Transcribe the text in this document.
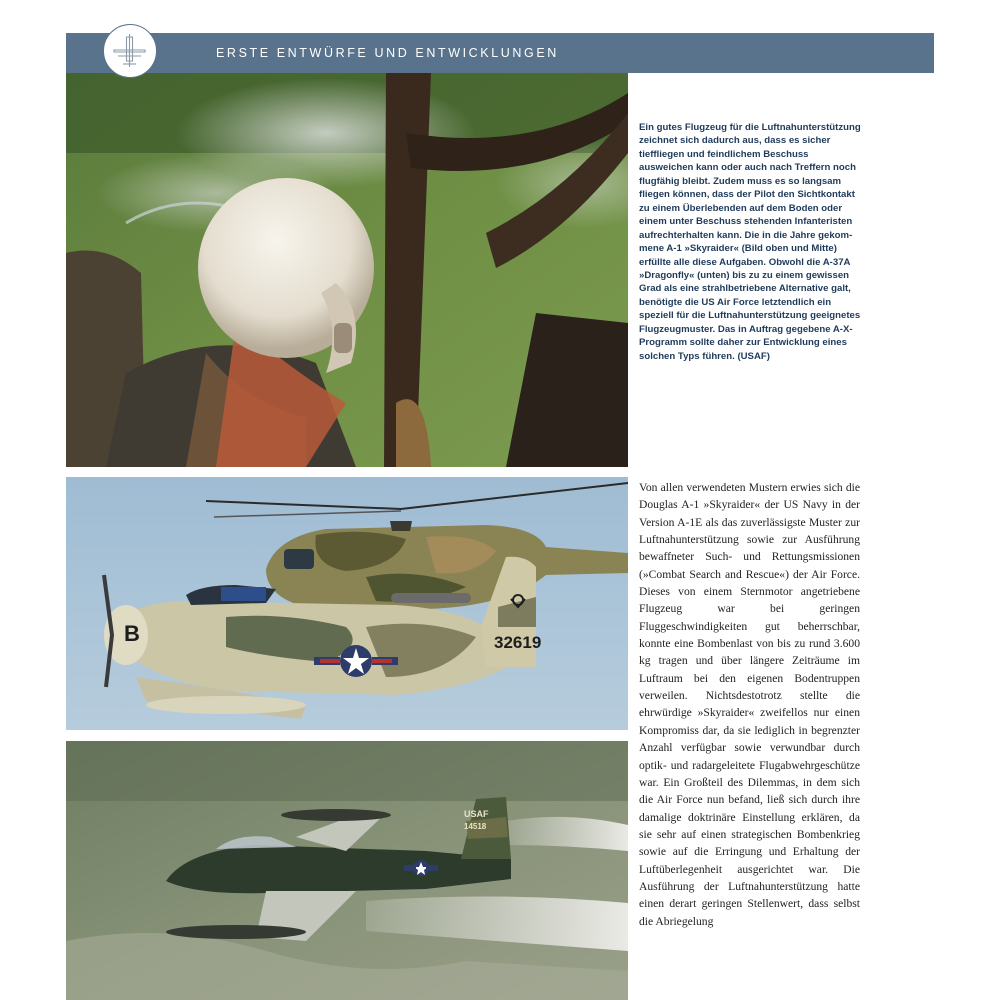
ERSTE ENTWÜRFE UND ENTWICKLUNGEN
B	32619
USAF
14518
Ein gutes Flugzeug für die Luftnahunterstützung zeichnet sich dadurch aus, dass es sicher tiefﬂiegen und feindlichem Beschuss ausweichen kann oder auch nach Treffern noch flugfähig bleibt. Zudem muss es so langsam fliegen können, dass der Pilot den Sichtkontakt zu einem Überlebenden auf dem Boden oder einem unter Beschuss stehenden Infanteristen aufrechterhalten kann. Die in die Jahre gekommene A-1 »Skyraider« (Bild oben und Mitte) erfüllte alle diese Aufgaben. Obwohl die A-37A »Dragonfly« (unten) bis zu zu einem gewissen Grad als eine strahlbetriebene Alternative galt, benötigte die US Air Force letztendlich ein speziell für die Luftnahunterstützung geeignetes Flugzeugmuster. Das in Auftrag gegebene A-X-Programm sollte daher zur Entwicklung eines solchen Typs führen. (USAF)
Von allen verwendeten Mustern erwies sich die Douglas A-1 »Skyraider« der US Navy in der Version A-1E als das zuverlässigste Muster zur Luftnahunterstützung sowie zur Ausführung bewaffneter Such- und Rettungsmissionen (»Combat Search and Rescue«) der Air Force. Dieses von einem Sternmotor angetriebene Flugzeug war bei geringen Fluggeschwindigkeiten gut beherrschbar, konnte eine Bombenlast von bis zu rund 3.600 kg tragen und über längere Zeiträume im Luftraum bei den eigenen Bodentruppen verweilen. Nichtsdestotrotz stellte die ehrwürdige »Skyraider« zweifellos nur einen Kompromiss dar, da sie lediglich in begrenzter Anzahl verfügbar sowie verwundbar durch optik- und radargeleitete Flugabwehrgeschütze war. Ein Großteil des Dilemmas, in dem sich die Air Force nun befand, ließ sich durch ihre damalige doktrinäre Einstellung erklären, da sie sehr auf einen strategischen Bombenkrieg sowie auf die Erringung und Erhaltung der Luftüberlegenheit ausgerichtet war. Die Ausführung der Luftnahunterstützung hatte einen derart geringen Stellenwert, dass selbst die Abriegelung
